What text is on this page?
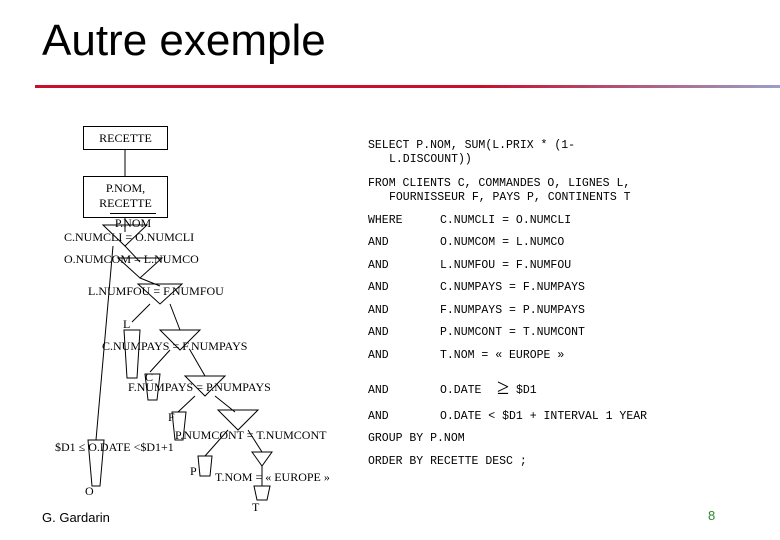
Autre exemple
RECETTE
P.NOM, RECETTE
P.NOM
C.NUMCLI = O.NUMCLI
O.NUMCOM = L.NUMCO
L.NUMFOU = F.NUMFOU
L
C.NUMPAYS = F.NUMPAYS
C
F.NUMPAYS = P.NUMPAYS
F
P.NUMCONT = T.NUMCONT
$D1 ≤ O.DATE <$D1+1
P T.NOM = « EUROPE »
O
T
SELECT P.NOM, SUM(L.PRIX * (1-
L.DISCOUNT))
FROM CLIENTS C, COMMANDES O, LIGNES L,
FOURNISSEUR F, PAYS P, CONTINENTS T
WHERE	C.NUMCLI = O.NUMCLI
AND	O.NUMCOM = L.NUMCO
AND	L.NUMFOU = F.NUMFOU
AND	C.NUMPAYS = F.NUMPAYS
AND	F.NUMPAYS = P.NUMPAYS
AND	P.NUMCONT = T.NUMCONT
AND	T.NOM = « EUROPE »
AND	O.DATE ≥ $D1
AND	O.DATE < $D1 + INTERVAL 1 YEAR
GROUP BY P.NOM
ORDER BY RECETTE DESC ;
G. Gardarin	8
